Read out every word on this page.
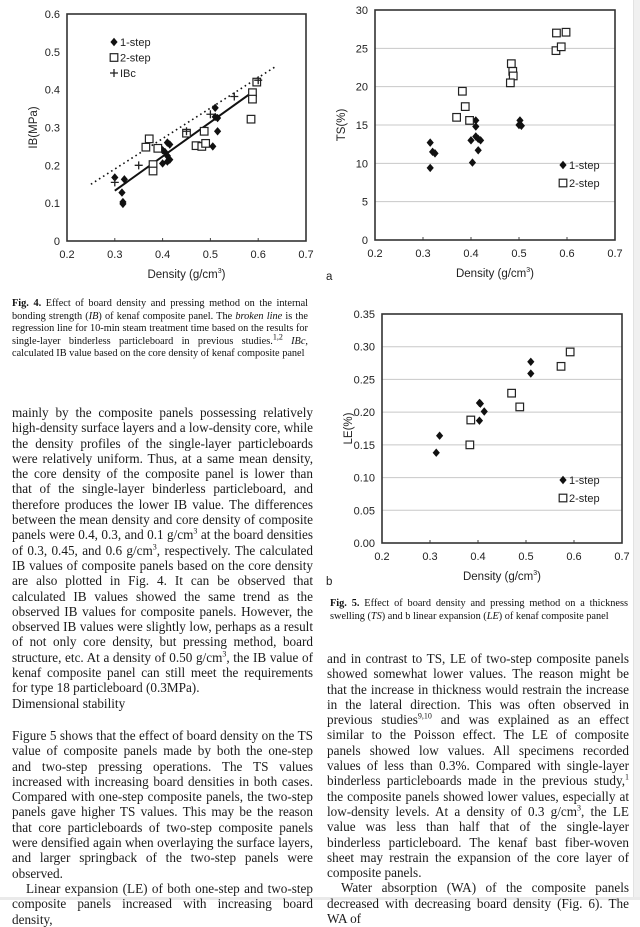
0
0.1
0.2
0.3
0.4
0.5
0.6
0.2	0.3	0.4	0.5	0.6	0.7
IB(MPa)
Density $(g/cm^3)$
1-step
2-step
IBc
0
5
10
15
20
25
30
0.2	0.3	0.4	0.5	0.6	0.7
TS(%)
Density $(g/cm^3)$
a
1-step
2-step
0.00
0.05
0.10
0.15
0.20
0.25
0.30
0.35
0.2	0.3	0.4	0.5	0.6	0.7
LE(%)
Density $(g/cm^3)$
b
1-step
2-step
Fig. 4. Effect of board density and pressing method on the internal bonding strength (IB) of kenaf composite panel. The broken line is the regression line for 10-min steam treatment time based on the results for single-layer binderless particleboard in previous studies.$^{1,2}$ IBc, calculated IB value based on the core density of kenaf composite panel
Fig. 5. Effect of board density and pressing method on a thickness swelling (TS) and b linear expansion (LE) of kenaf composite panel

mainly by the composite panels possessing relatively high-density surface layers and a low-density core, while the density profiles of the single-layer particleboards were relatively uniform. Thus, at a same mean density, the core density of the composite panel is lower than that of the single-layer binderless particleboard, and therefore produces the lower IB value. The differences between the mean density and core density of composite panels were 0.4, 0.3, and 0.1 $g/cm^3$ at the board densities of 0.3, 0.45, and 0.6 $g/cm^3$, respectively. The calculated IB values of composite panels based on the core density are also plotted in Fig. 4. It can be observed that calculated IB values showed the same trend as the observed IB values for composite panels. However, the observed IB values were slightly low, perhaps as a result of not only core density, but pressing method, board structure, etc. At a density of 0.50 $g/cm^3$, the IB value of kenaf composite panel can still meet the requirements for type 18 particleboard (0.3MPa).

Dimensional stability

Figure 5 shows that the effect of board density on the TS value of composite panels made by both the one-step and two-step pressing operations. The TS values increased with increasing board densities in both cases. Compared with one-step composite panels, the two-step panels gave higher TS values. This may be the reason that core particleboards of two-step composite panels were densified again when overlaying the surface layers, and larger springback of the two-step panels were observed.

Linear expansion (LE) of both one-step and two-step composite panels increased with increasing board density,

and in contrast to TS, LE of two-step composite panels showed somewhat lower values. The reason might be that the increase in thickness would restrain the increase in the lateral direction. This was often observed in previous studies$^{9,10}$ and was explained as an effect similar to the Poisson effect. The LE of composite panels showed low values. All specimens recorded values of less than 0.3%. Compared with single-layer binderless particleboards made in the previous study,$^1$ the composite panels showed lower values, especially at low-density levels. At a density of 0.3 $g/cm^3$, the LE value was less than half that of the single-layer binderless particleboard. The kenaf bast fiber-woven sheet may restrain the expansion of the core layer of composite panels.

Water absorption (WA) of the composite panels decreased with decreasing board density (Fig. 6). The WA of
